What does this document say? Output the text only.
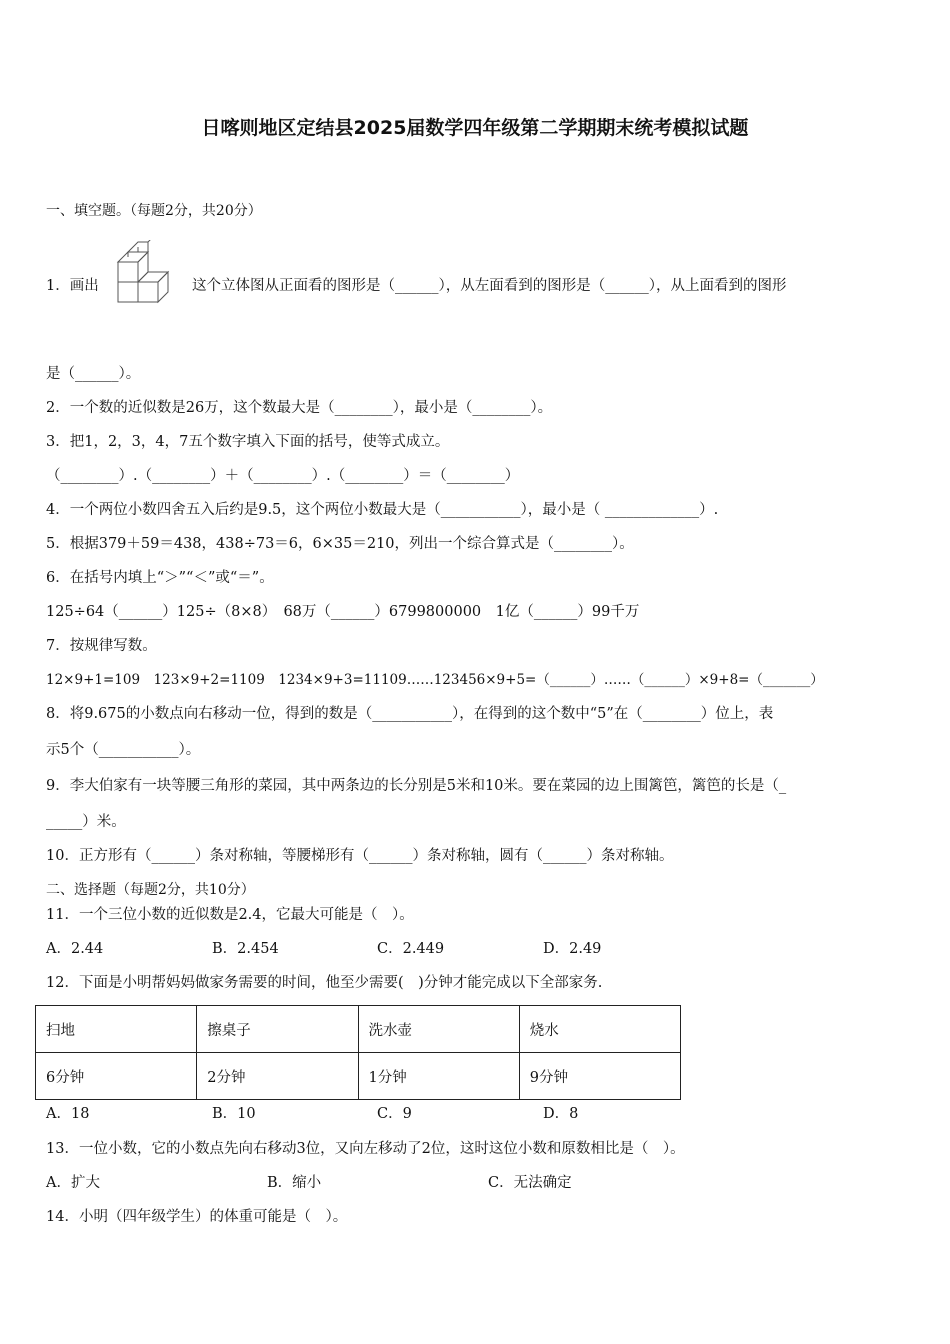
日喀则地区定结县2025届数学四年级第二学期期末统考模拟试题
一、填空题。（每题2分，共20分）
1．画出	这个立体图从正面看的图形是（______），从左面看到的图形是（______），从上面看到的图形
是（______）。
2．一个数的近似数是26万，这个数最大是（________），最小是（________）。
3．把1，2，3，4，7五个数字填入下面的括号，使等式成立。
（________）.（________）＋（________）.（________）＝（________）
4．一个两位小数四舍五入后约是9.5，这个两位小数最大是（___________），最小是（ _____________）.
5．根据379＋59＝438，438÷73＝6，6×35＝210，列出一个综合算式是（________）。
6．在括号内填上“＞”“＜”或“＝”。
125÷64（______）125÷（8×8）　68万（______）6799800000　1亿（______）99千万
7．按规律写数。
12×9+1=109　123×9+2=1109　1234×9+3=11109……123456×9+5=（______）……（______）×9+8=（_______）
8．将9.675的小数点向右移动一位，得到的数是（___________），在得到的这个数中“5”在（________）位上，表
示5个（___________）。
9．李大伯家有一块等腰三角形的菜园，其中两条边的长分别是5米和10米。要在菜园的边上围篱笆，篱笆的长是（_
_____）米。
10．正方形有（______）条对称轴，等腰梯形有（______）条对称轴，圆有（______）条对称轴。
二、选择题（每题2分，共10分）
11．一个三位小数的近似数是2.4，它最大可能是（　）。
A．2.44	B．2.454	C．2.449	D．2.49
12．下面是小明帮妈妈做家务需要的时间，他至少需要(　)分钟才能完成以下全部家务.
扫地	擦桌子	洗水壶	烧水
6分钟	2分钟	1分钟	9分钟
A．18	B．10	C．9	D．8
13．一位小数，它的小数点先向右移动3位，又向左移动了2位，这时这位小数和原数相比是（　）。
A．扩大	B．缩小	C．无法确定
14．小明（四年级学生）的体重可能是（　）。
